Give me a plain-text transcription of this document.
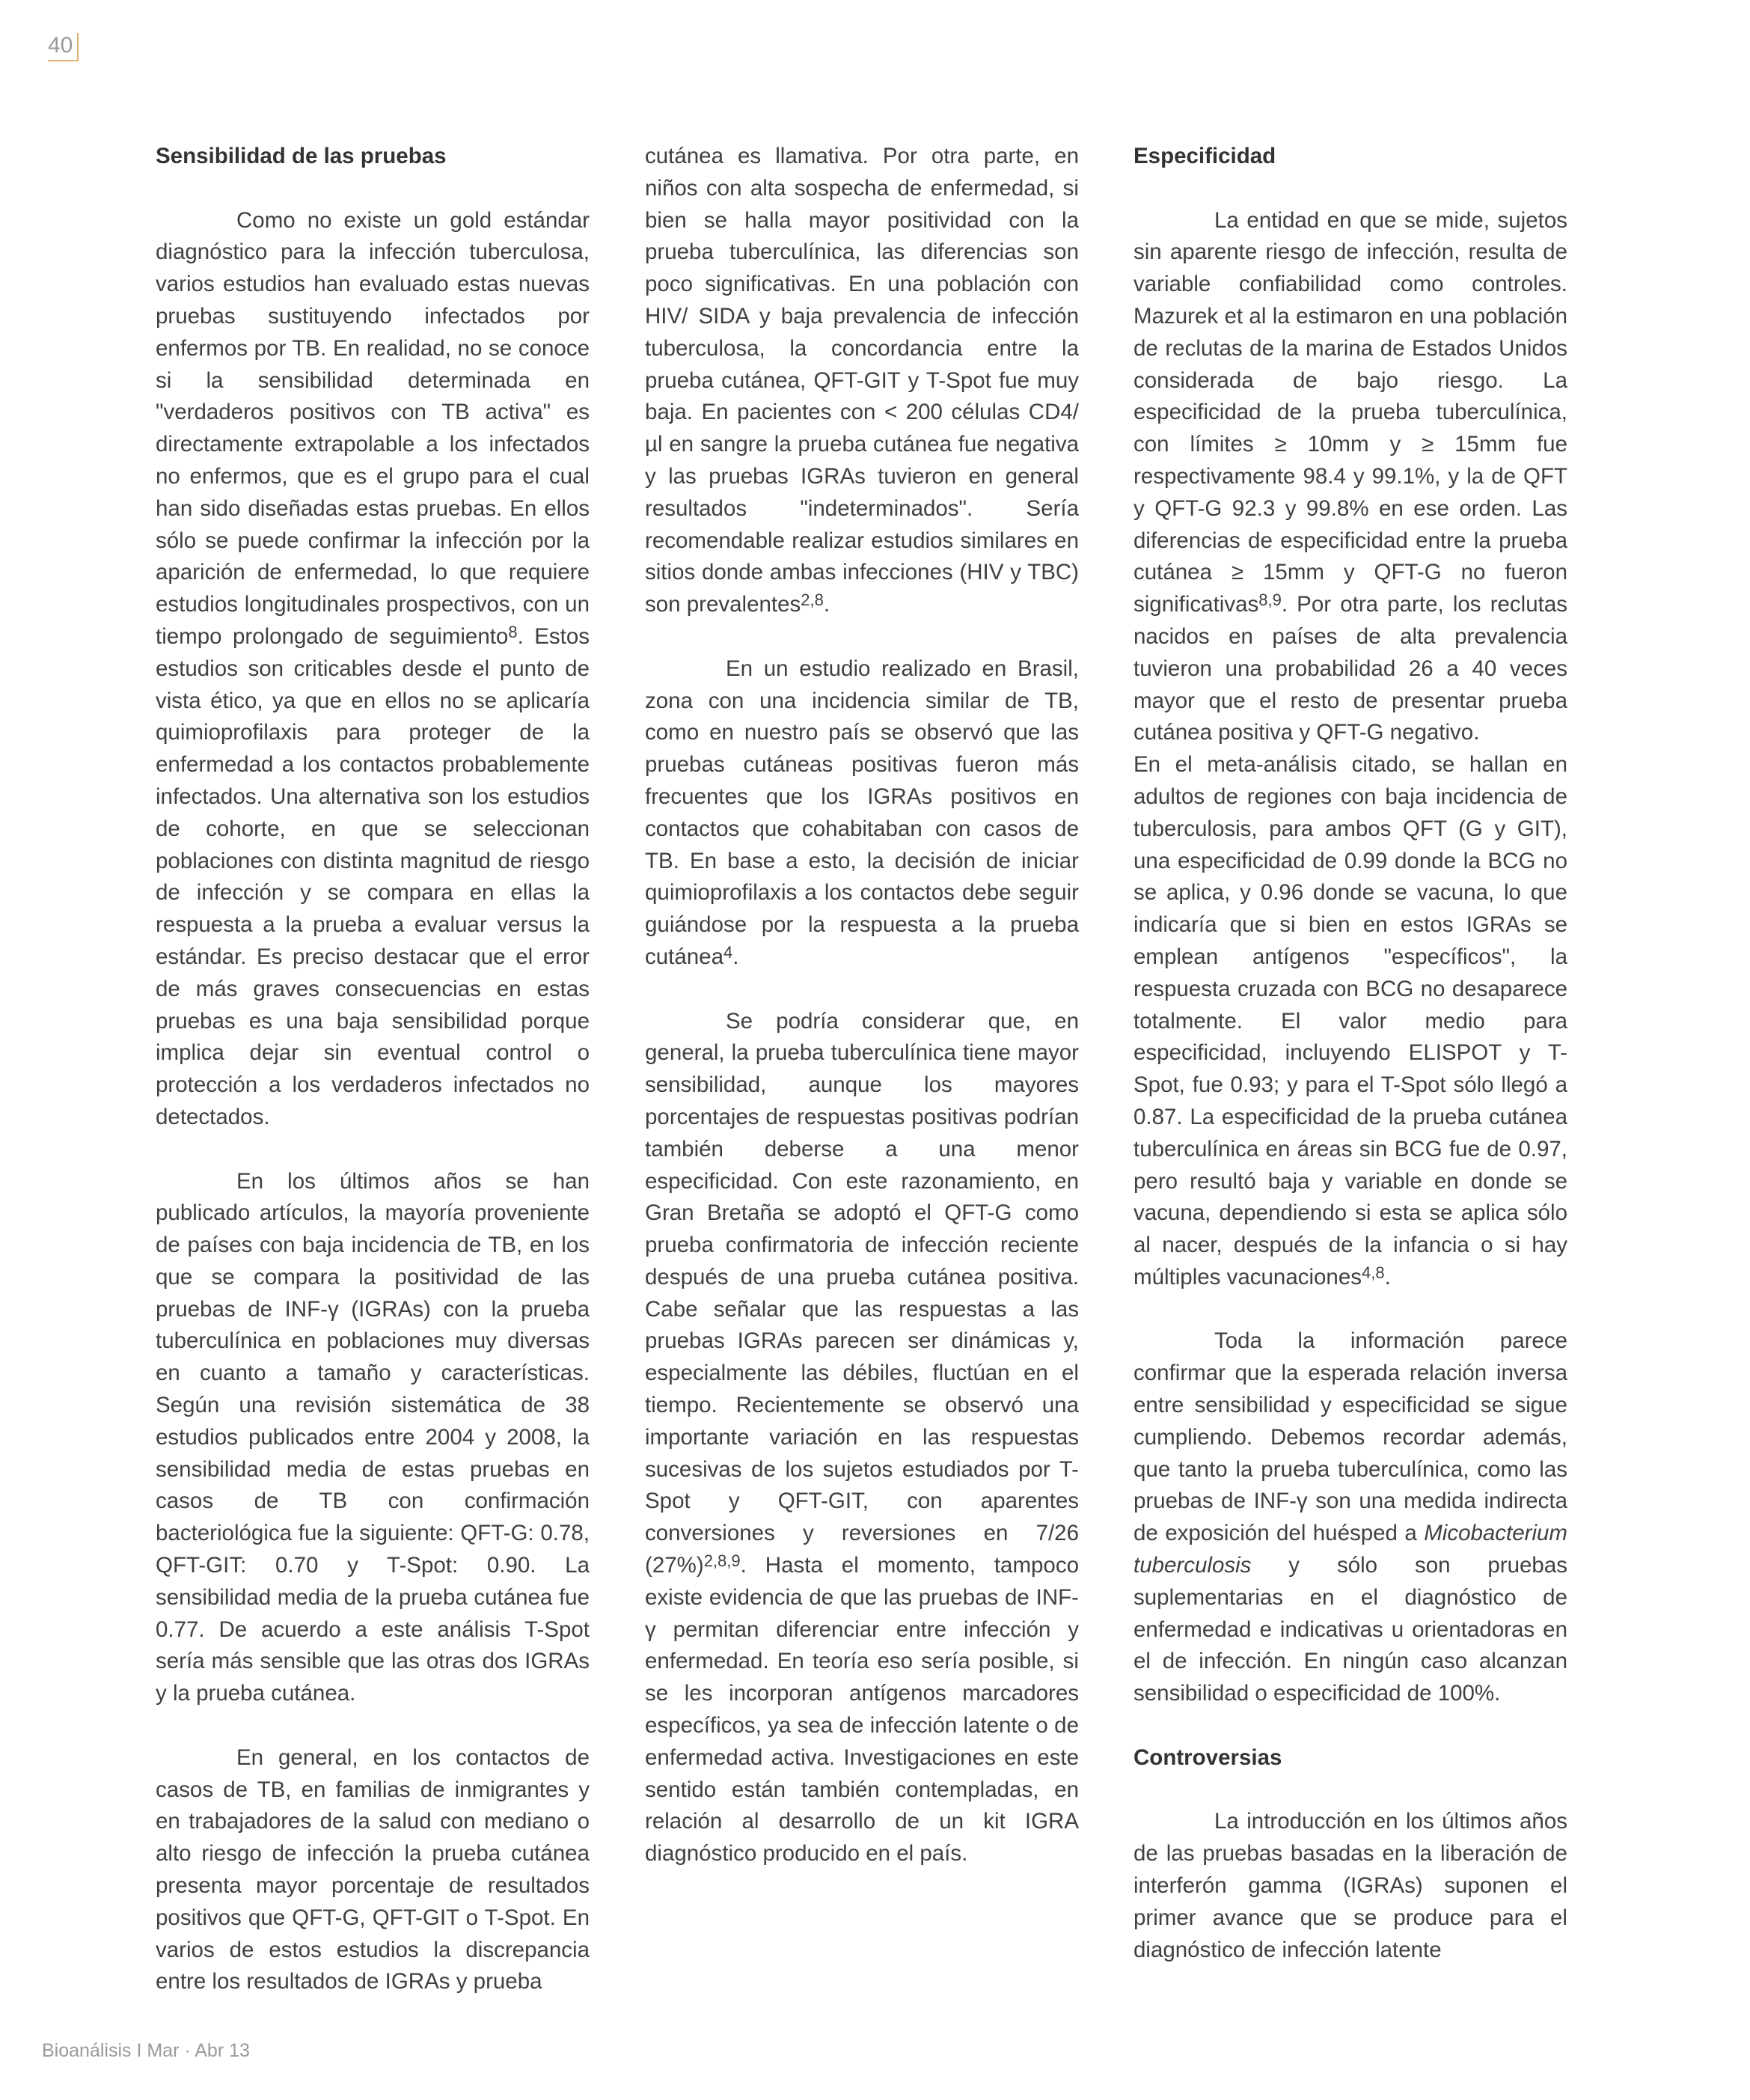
40
Sensibilidad de las pruebas

Como no existe un gold estándar diagnóstico para la infección tuberculosa, varios estudios han evaluado estas nuevas pruebas sustituyendo infectados por enfermos por TB. En realidad, no se conoce si la sensibilidad determinada en "verdaderos positivos con TB activa" es directamente extrapolable a los infectados no enfermos, que es el grupo para el cual han sido diseñadas estas pruebas. En ellos sólo se puede confirmar la infección por la aparición de enfermedad, lo que requiere estudios longitudinales prospectivos, con un tiempo prolongado de seguimiento$^8$. Estos estudios son criticables desde el punto de vista ético, ya que en ellos no se aplicaría quimioprofilaxis para proteger de la enfermedad a los contactos probablemente infectados. Una alternativa son los estudios de cohorte, en que se seleccionan poblaciones con distinta magnitud de riesgo de infección y se compara en ellas la respuesta a la prueba a evaluar versus la estándar. Es preciso destacar que el error de más graves consecuencias en estas pruebas es una baja sensibilidad porque implica dejar sin eventual control o protección a los verdaderos infectados no detectados.

En los últimos años se han publicado artículos, la mayoría proveniente de países con baja incidencia de TB, en los que se compara la positividad de las pruebas de INF-γ (IGRAs) con la prueba tuberculínica en poblaciones muy diversas en cuanto a tamaño y características. Según una revisión sistemática de 38 estudios publicados entre 2004 y 2008, la sensibilidad media de estas pruebas en casos de TB con confirmación bacteriológica fue la siguiente: QFT-G: 0.78, QFT-GIT: 0.70 y T-Spot: 0.90. La sensibilidad media de la prueba cutánea fue 0.77. De acuerdo a este análisis T-Spot sería más sensible que las otras dos IGRAs y la prueba cutánea.

En general, en los contactos de casos de TB, en familias de inmigrantes y en trabajadores de la salud con mediano o alto riesgo de infección la prueba cutánea presenta mayor porcentaje de resultados positivos que QFT-G, QFT-GIT o T-Spot. En varios de estos estudios la discrepancia entre los resultados de IGRAs y prueba

cutánea es llamativa. Por otra parte, en niños con alta sospecha de enfermedad, si bien se halla mayor positividad con la prueba tuberculínica, las diferencias son poco significativas. En una población con HIV/ SIDA y baja prevalencia de infección tuberculosa, la concordancia entre la prueba cutánea, QFT-GIT y T-Spot fue muy baja. En pacientes con < 200 células CD4/µl en sangre la prueba cutánea fue negativa y las pruebas IGRAs tuvieron en general resultados "indeterminados". Sería recomendable realizar estudios similares en sitios donde ambas infecciones (HIV y TBC) son prevalentes$^{2,8}$.

En un estudio realizado en Brasil, zona con una incidencia similar de TB, como en nuestro país se observó que las pruebas cutáneas positivas fueron más frecuentes que los IGRAs positivos en contactos que cohabitaban con casos de TB. En base a esto, la decisión de iniciar quimioprofilaxis a los contactos debe seguir guiándose por la respuesta a la prueba cutánea$^4$.

Se podría considerar que, en general, la prueba tuberculínica tiene mayor sensibilidad, aunque los mayores porcentajes de respuestas positivas podrían también deberse a una menor especificidad. Con este razonamiento, en Gran Bretaña se adoptó el QFT-G como prueba confirmatoria de infección reciente después de una prueba cutánea positiva. Cabe señalar que las respuestas a las pruebas IGRAs parecen ser dinámicas y, especialmente las débiles, fluctúan en el tiempo. Recientemente se observó una importante variación en las respuestas sucesivas de los sujetos estudiados por T-Spot y QFT-GIT, con aparentes conversiones y reversiones en 7/26 $(27\%)^{2,8,9}$. Hasta el momento, tampoco existe evidencia de que las pruebas de INF-γ permitan diferenciar entre infección y enfermedad. En teoría eso sería posible, si se les incorporan antígenos marcadores específicos, ya sea de infección latente o de enfermedad activa. Investigaciones en este sentido están también contempladas, en relación al desarrollo de un kit IGRA diagnóstico producido en el país.

Especificidad

La entidad en que se mide, sujetos sin aparente riesgo de infección, resulta de variable confiabilidad como controles. Mazurek et al la estimaron en una población de reclutas de la marina de Estados Unidos considerada de bajo riesgo. La especificidad de la prueba tuberculínica, con límites ≥ 10mm y ≥ 15mm fue respectivamente 98.4 y 99.1%, y la de QFT y QFT-G 92.3 y 99.8% en ese orden. Las diferencias de especificidad entre la prueba cutánea ≥ 15mm y QFT-G no fueron significativas$^{8,9}$. Por otra parte, los reclutas nacidos en países de alta prevalencia tuvieron una probabilidad 26 a 40 veces mayor que el resto de presentar prueba cutánea positiva y QFT-G negativo.

En el meta-análisis citado, se hallan en adultos de regiones con baja incidencia de tuberculosis, para ambos QFT (G y GIT), una especificidad de 0.99 donde la BCG no se aplica, y 0.96 donde se vacuna, lo que indicaría que si bien en estos IGRAs se emplean antígenos "específicos", la respuesta cruzada con BCG no desaparece totalmente. El valor medio para especificidad, incluyendo ELISPOT y T-Spot, fue 0.93; y para el T-Spot sólo llegó a 0.87. La especificidad de la prueba cutánea tuberculínica en áreas sin BCG fue de 0.97, pero resultó baja y variable en donde se vacuna, dependiendo si esta se aplica sólo al nacer, después de la infancia o si hay múltiples vacunaciones$^{4,8}$.

Toda la información parece confirmar que la esperada relación inversa entre sensibilidad y especificidad se sigue cumpliendo. Debemos recordar además, que tanto la prueba tuberculínica, como las pruebas de INF-γ son una medida indirecta de exposición del huésped a Micobacterium tuberculosis y sólo son pruebas suplementarias en el diagnóstico de enfermedad e indicativas u orientadoras en el de infección. En ningún caso alcanzan sensibilidad o especificidad de 100%.

Controversias

La introducción en los últimos años de las pruebas basadas en la liberación de interferón gamma (IGRAs) suponen el primer avance que se produce para el diagnóstico de infección latente

Bioanálisis I Mar · Abr 13
